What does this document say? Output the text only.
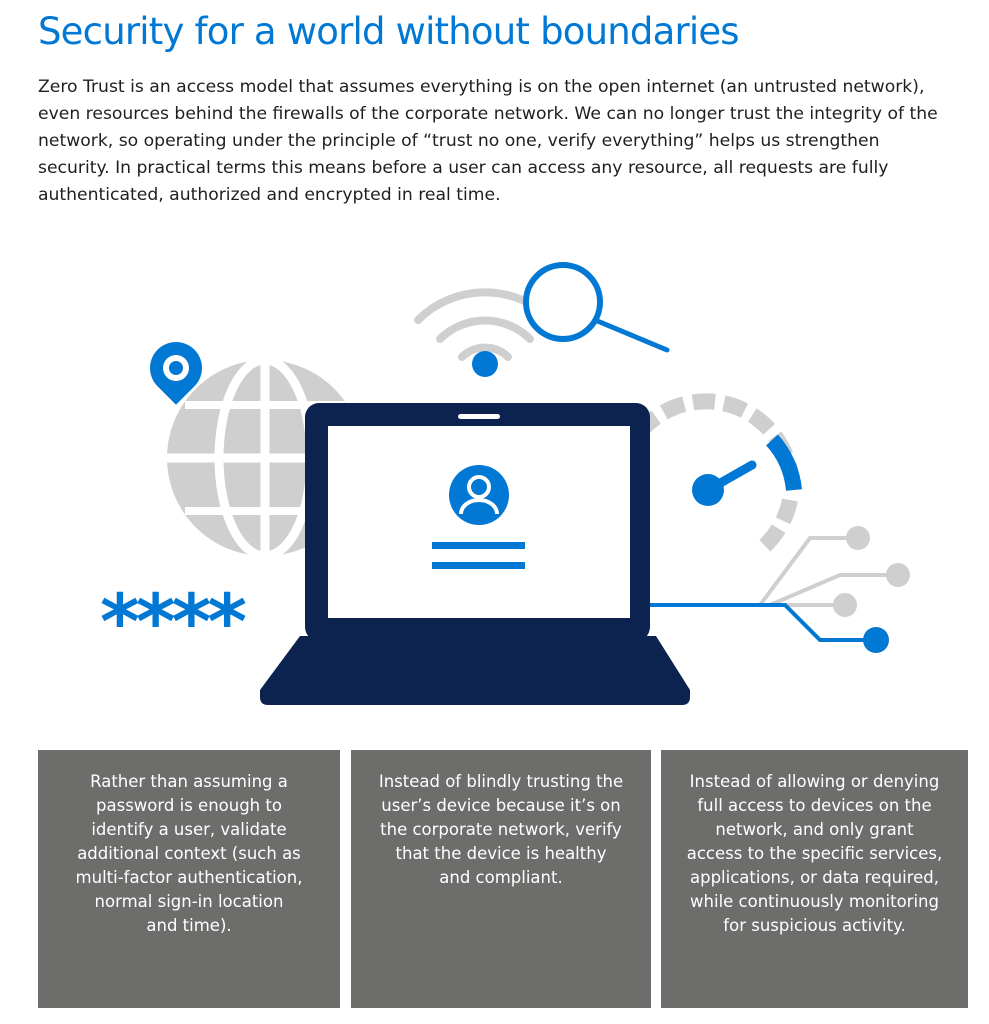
Security for a world without boundaries

Zero Trust is an access model that assumes everything is on the open internet (an untrusted network), even resources behind the firewalls of the corporate network. We can no longer trust the integrity of the network, so operating under the principle of “trust no one, verify everything” helps us strengthen security. In practical terms this means before a user can access any resource, all requests are fully authenticated, authorized and encrypted in real time.

****
Rather than assuming a
password is enough to
identify a user, validate
additional context (such as
multi-factor authentication,
normal sign-in location
and time).
Instead of blindly trusting the
user’s device because it’s on
the corporate network, verify
that the device is healthy
and compliant.
Instead of allowing or denying
full access to devices on the
network, and only grant
access to the specific services,
applications, or data required,
while continuously monitoring
for suspicious activity.
